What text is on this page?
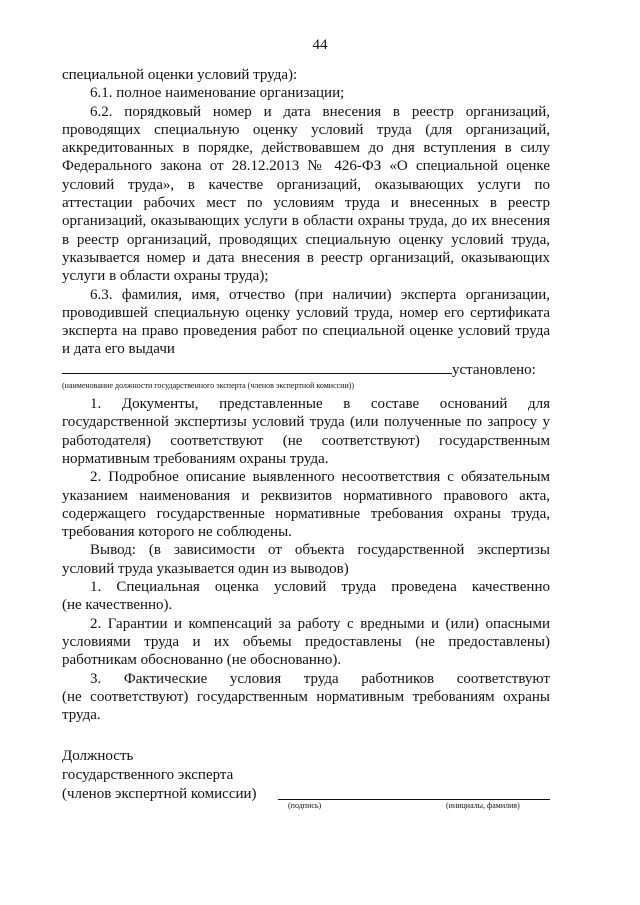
44
специальной оценки условий труда):
6.1. полное наименование организации;
6.2. порядковый номер и дата внесения в реестр организаций,
проводящих специальную оценку условий труда (для организаций,
аккредитованных в порядке, действовавшем до дня вступления в силу
Федерального закона от 28.12.2013 № 426-ФЗ «О специальной оценке
условий труда», в качестве организаций, оказывающих услуги по
аттестации рабочих мест по условиям труда и внесенных в реестр
организаций, оказывающих услуги в области охраны труда, до их внесения
в реестр организаций, проводящих специальную оценку условий труда,
указывается номер и дата внесения в реестр организаций, оказывающих
услуги в области охраны труда);
6.3. фамилия, имя, отчество (при наличии) эксперта организации,
проводившей специальную оценку условий труда, номер его сертификата
эксперта на право проведения работ по специальной оценке условий труда
и дата его выдачи
установлено:
(наименование должности государственного эксперта (членов экспертной комиссии))
1. Документы, представленные в составе оснований для
государственной экспертизы условий труда (или полученные по запросу у
работодателя) соответствуют (не соответствуют) государственным
нормативным требованиям охраны труда.
2. Подробное описание выявленного несоответствия с обязательным
указанием наименования и реквизитов нормативного правового акта,
содержащего государственные нормативные требования охраны труда,
требования которого не соблюдены.
Вывод: (в зависимости от объекта государственной экспертизы
условий труда указывается один из выводов)
1. Специальная оценка условий труда проведена качественно
(не качественно).
2. Гарантии и компенсаций за работу с вредными и (или) опасными
условиями труда и их объемы предоставлены (не предоставлены)
работникам обоснованно (не обоснованно).
3. Фактические условия труда работников соответствуют
(не соответствуют) государственным нормативным требованиям охраны
труда.
Должность
государственного эксперта
(членов экспертной комиссии)
(подпись)	(инициалы, фамилия)
